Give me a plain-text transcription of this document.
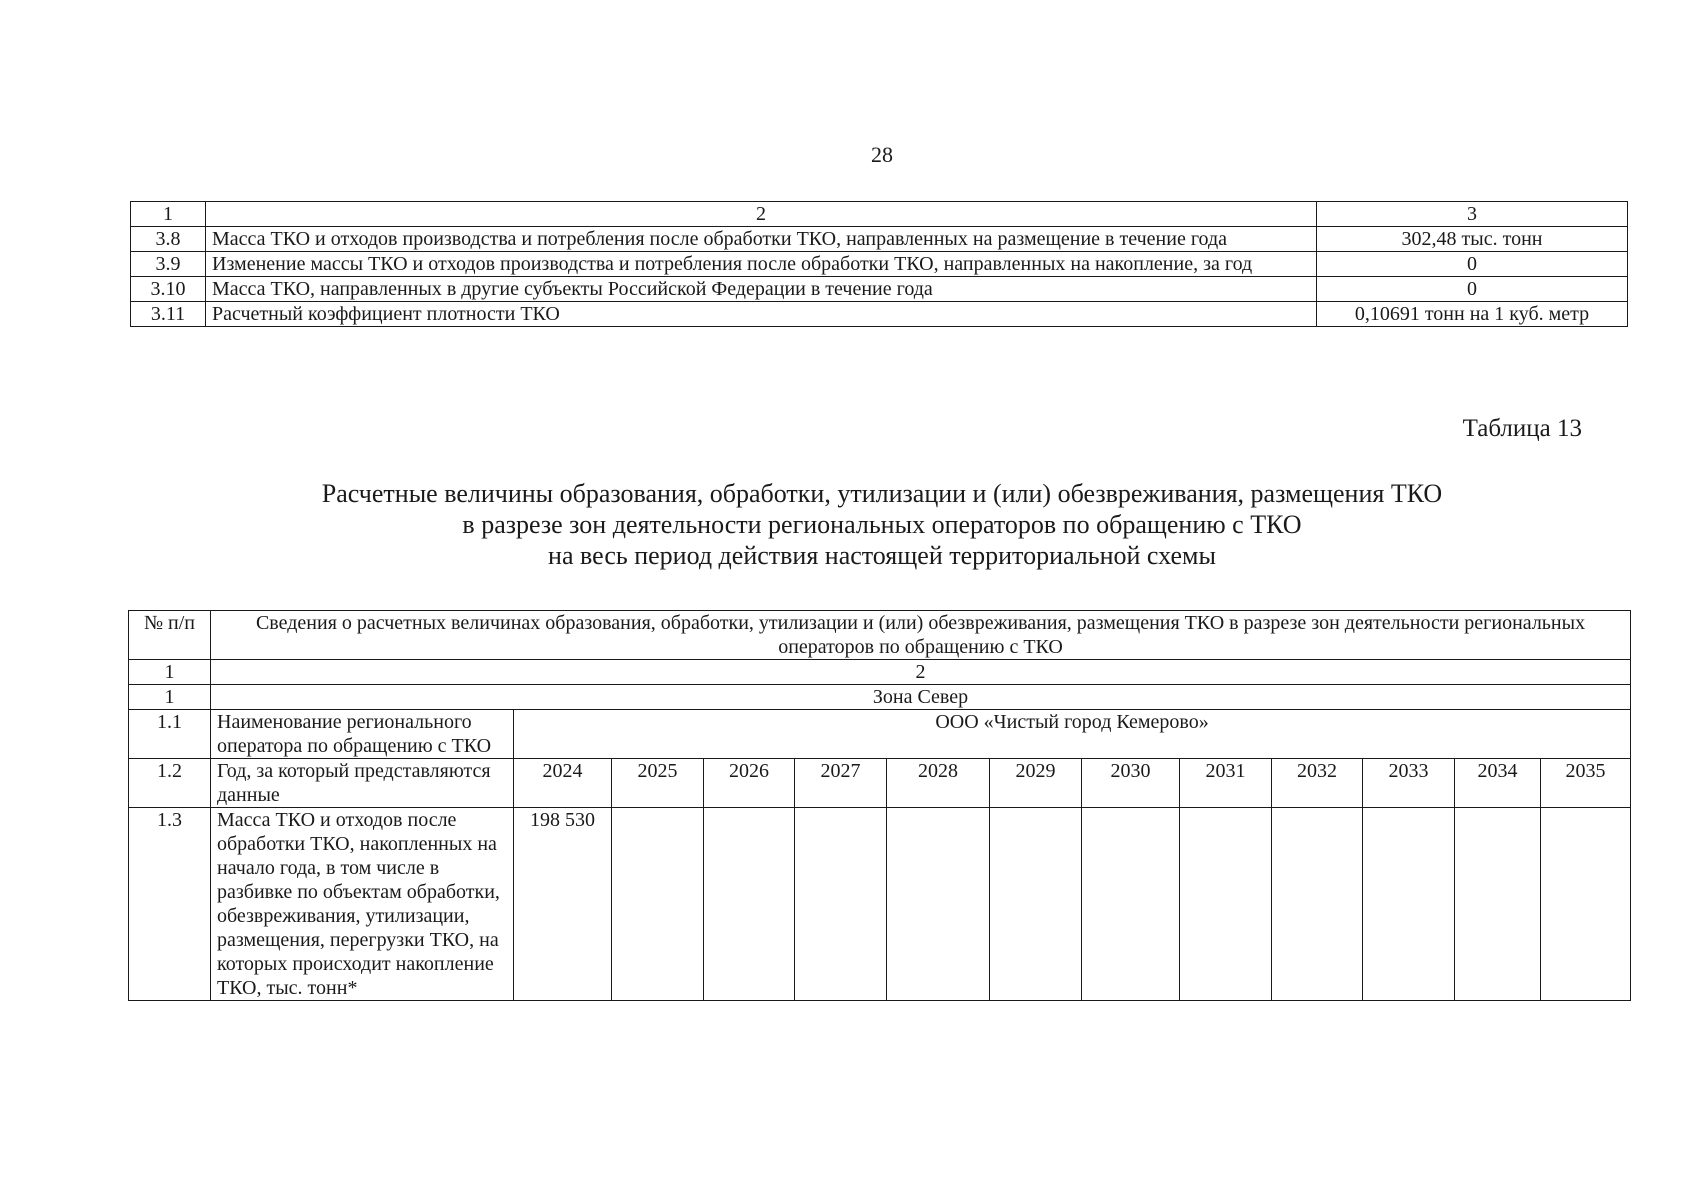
28
1	2	3
3.8	Масса ТКО и отходов производства и потребления после обработки ТКО, направленных на размещение в течение года	302,48 тыс. тонн
3.9	Изменение массы ТКО и отходов производства и потребления после обработки ТКО, направленных на накопление, за год	0
3.10	Масса ТКО, направленных в другие субъекты Российской Федерации в течение года	0
3.11	Расчетный коэффициент плотности ТКО	0,10691 тонн на 1 куб. метр
Таблица 13
Расчетные величины образования, обработки, утилизации и (или) обезвреживания, размещения ТКО
в разрезе зон деятельности региональных операторов по обращению с ТКО
на весь период действия настоящей территориальной схемы
№ п/п	Сведения о расчетных величинах образования, обработки, утилизации и (или) обезвреживания, размещения ТКО в разрезе зон деятельности региональных операторов по обращению с ТКО												
1	2												
1	Зона Север												
1.1	Наименование регионального оператора по обращению с ТКО	ООО «Чистый город Кемерово»											
1.2	Год, за который представляются данные	2024	2025	2026	2027	2028	2029	2030	2031	2032	2033	2034	2035
1.3	Масса ТКО и отходов после обработки ТКО, накопленных на начало года, в том числе в разбивке по объектам обработки, обезвреживания, утилизации, размещения, перегрузки ТКО, на которых происходит накопление ТКО, тыс. тонн*	198 530											
